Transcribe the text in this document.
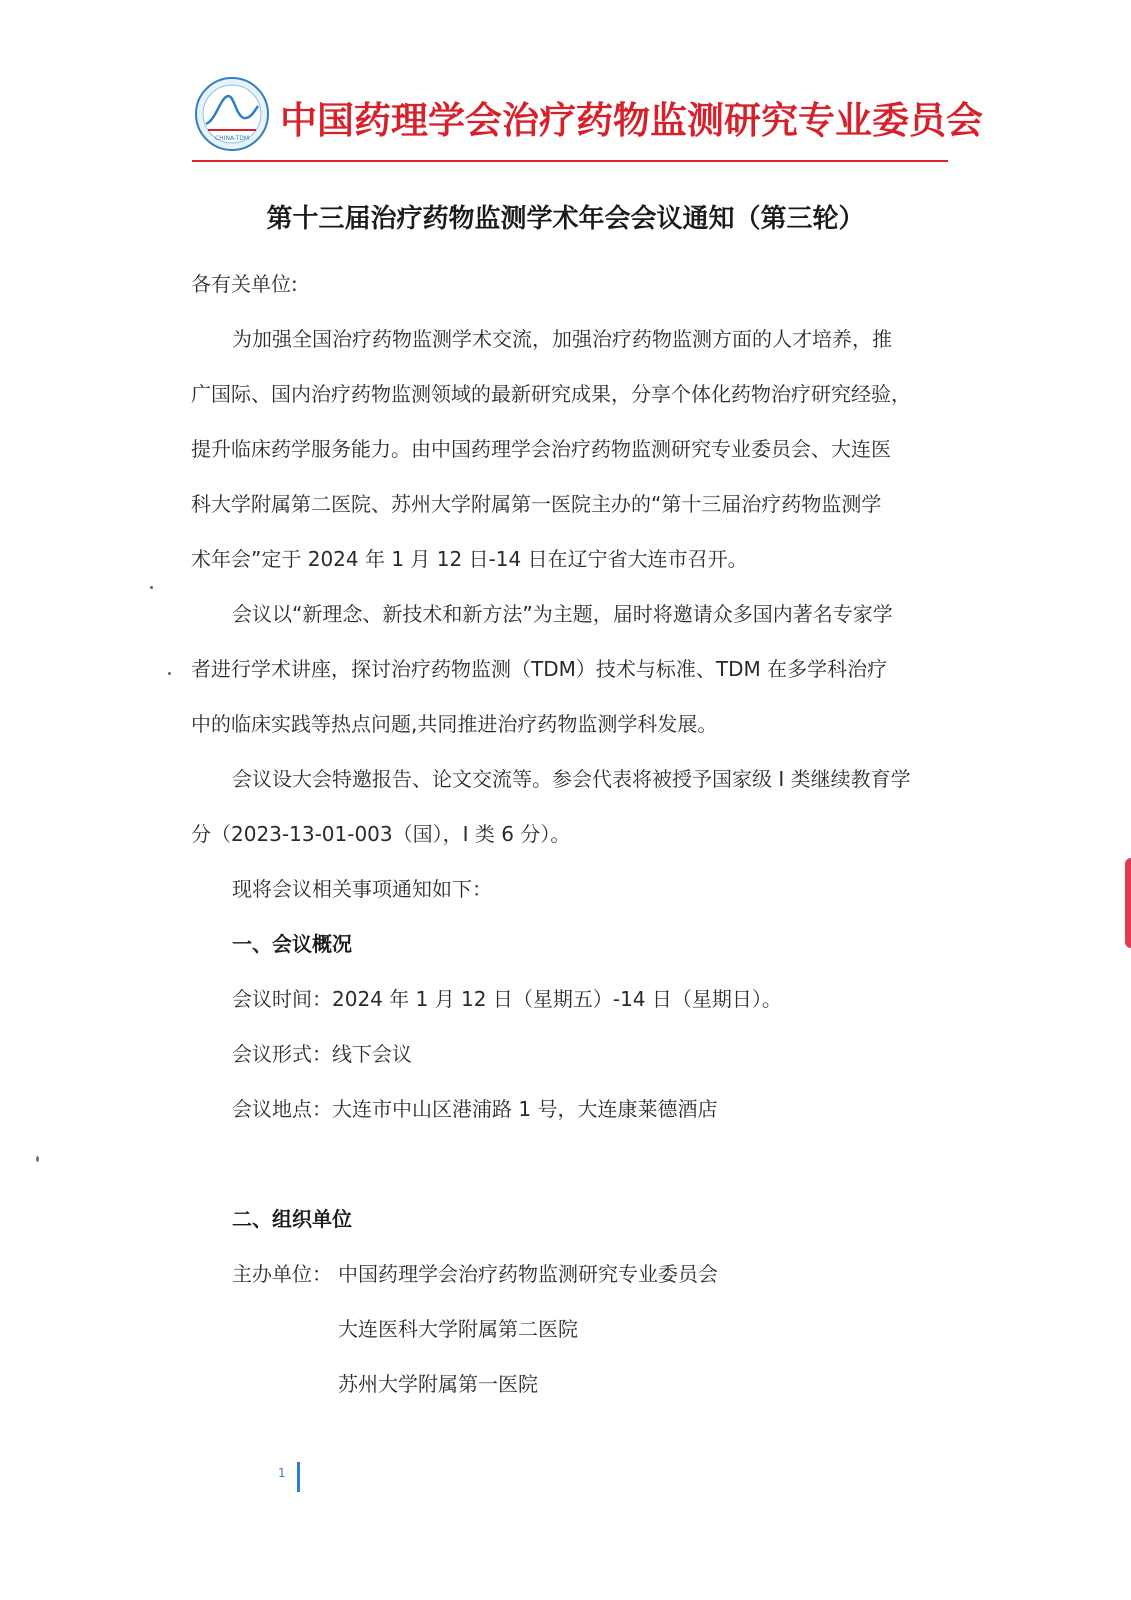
CHINA-TDM 中国药理学会治疗药物监测研究专业委员会
第十三届治疗药物监测学术年会会议通知（第三轮）
各有关单位:
为加强全国治疗药物监测学术交流，加强治疗药物监测方面的人才培养，推
广国际、国内治疗药物监测领域的最新研究成果，分享个体化药物治疗研究经验，
提升临床药学服务能力。由中国药理学会治疗药物监测研究专业委员会、大连医
科大学附属第二医院、苏州大学附属第一医院主办的“第十三届治疗药物监测学
术年会”定于 2024 年 1 月 12 日-14 日在辽宁省大连市召开。
会议以“新理念、新技术和新方法”为主题，届时将邀请众多国内著名专家学
者进行学术讲座，探讨治疗药物监测（TDM）技术与标准、TDM 在多学科治疗
中的临床实践等热点问题,共同推进治疗药物监测学科发展。
会议设大会特邀报告、论文交流等。参会代表将被授予国家级 I 类继续教育学
分（2023-13-01-003（国），I 类 6 分）。
现将会议相关事项通知如下：
一、会议概况
会议时间：2024 年 1 月 12 日（星期五）-14 日（星期日）。
会议形式：线下会议
会议地点：大连市中山区港浦路 1 号，大连康莱德酒店
二、组织单位
主办单位： 中国药理学会治疗药物监测研究专业委员会
大连医科大学附属第二医院
苏州大学附属第一医院
1
